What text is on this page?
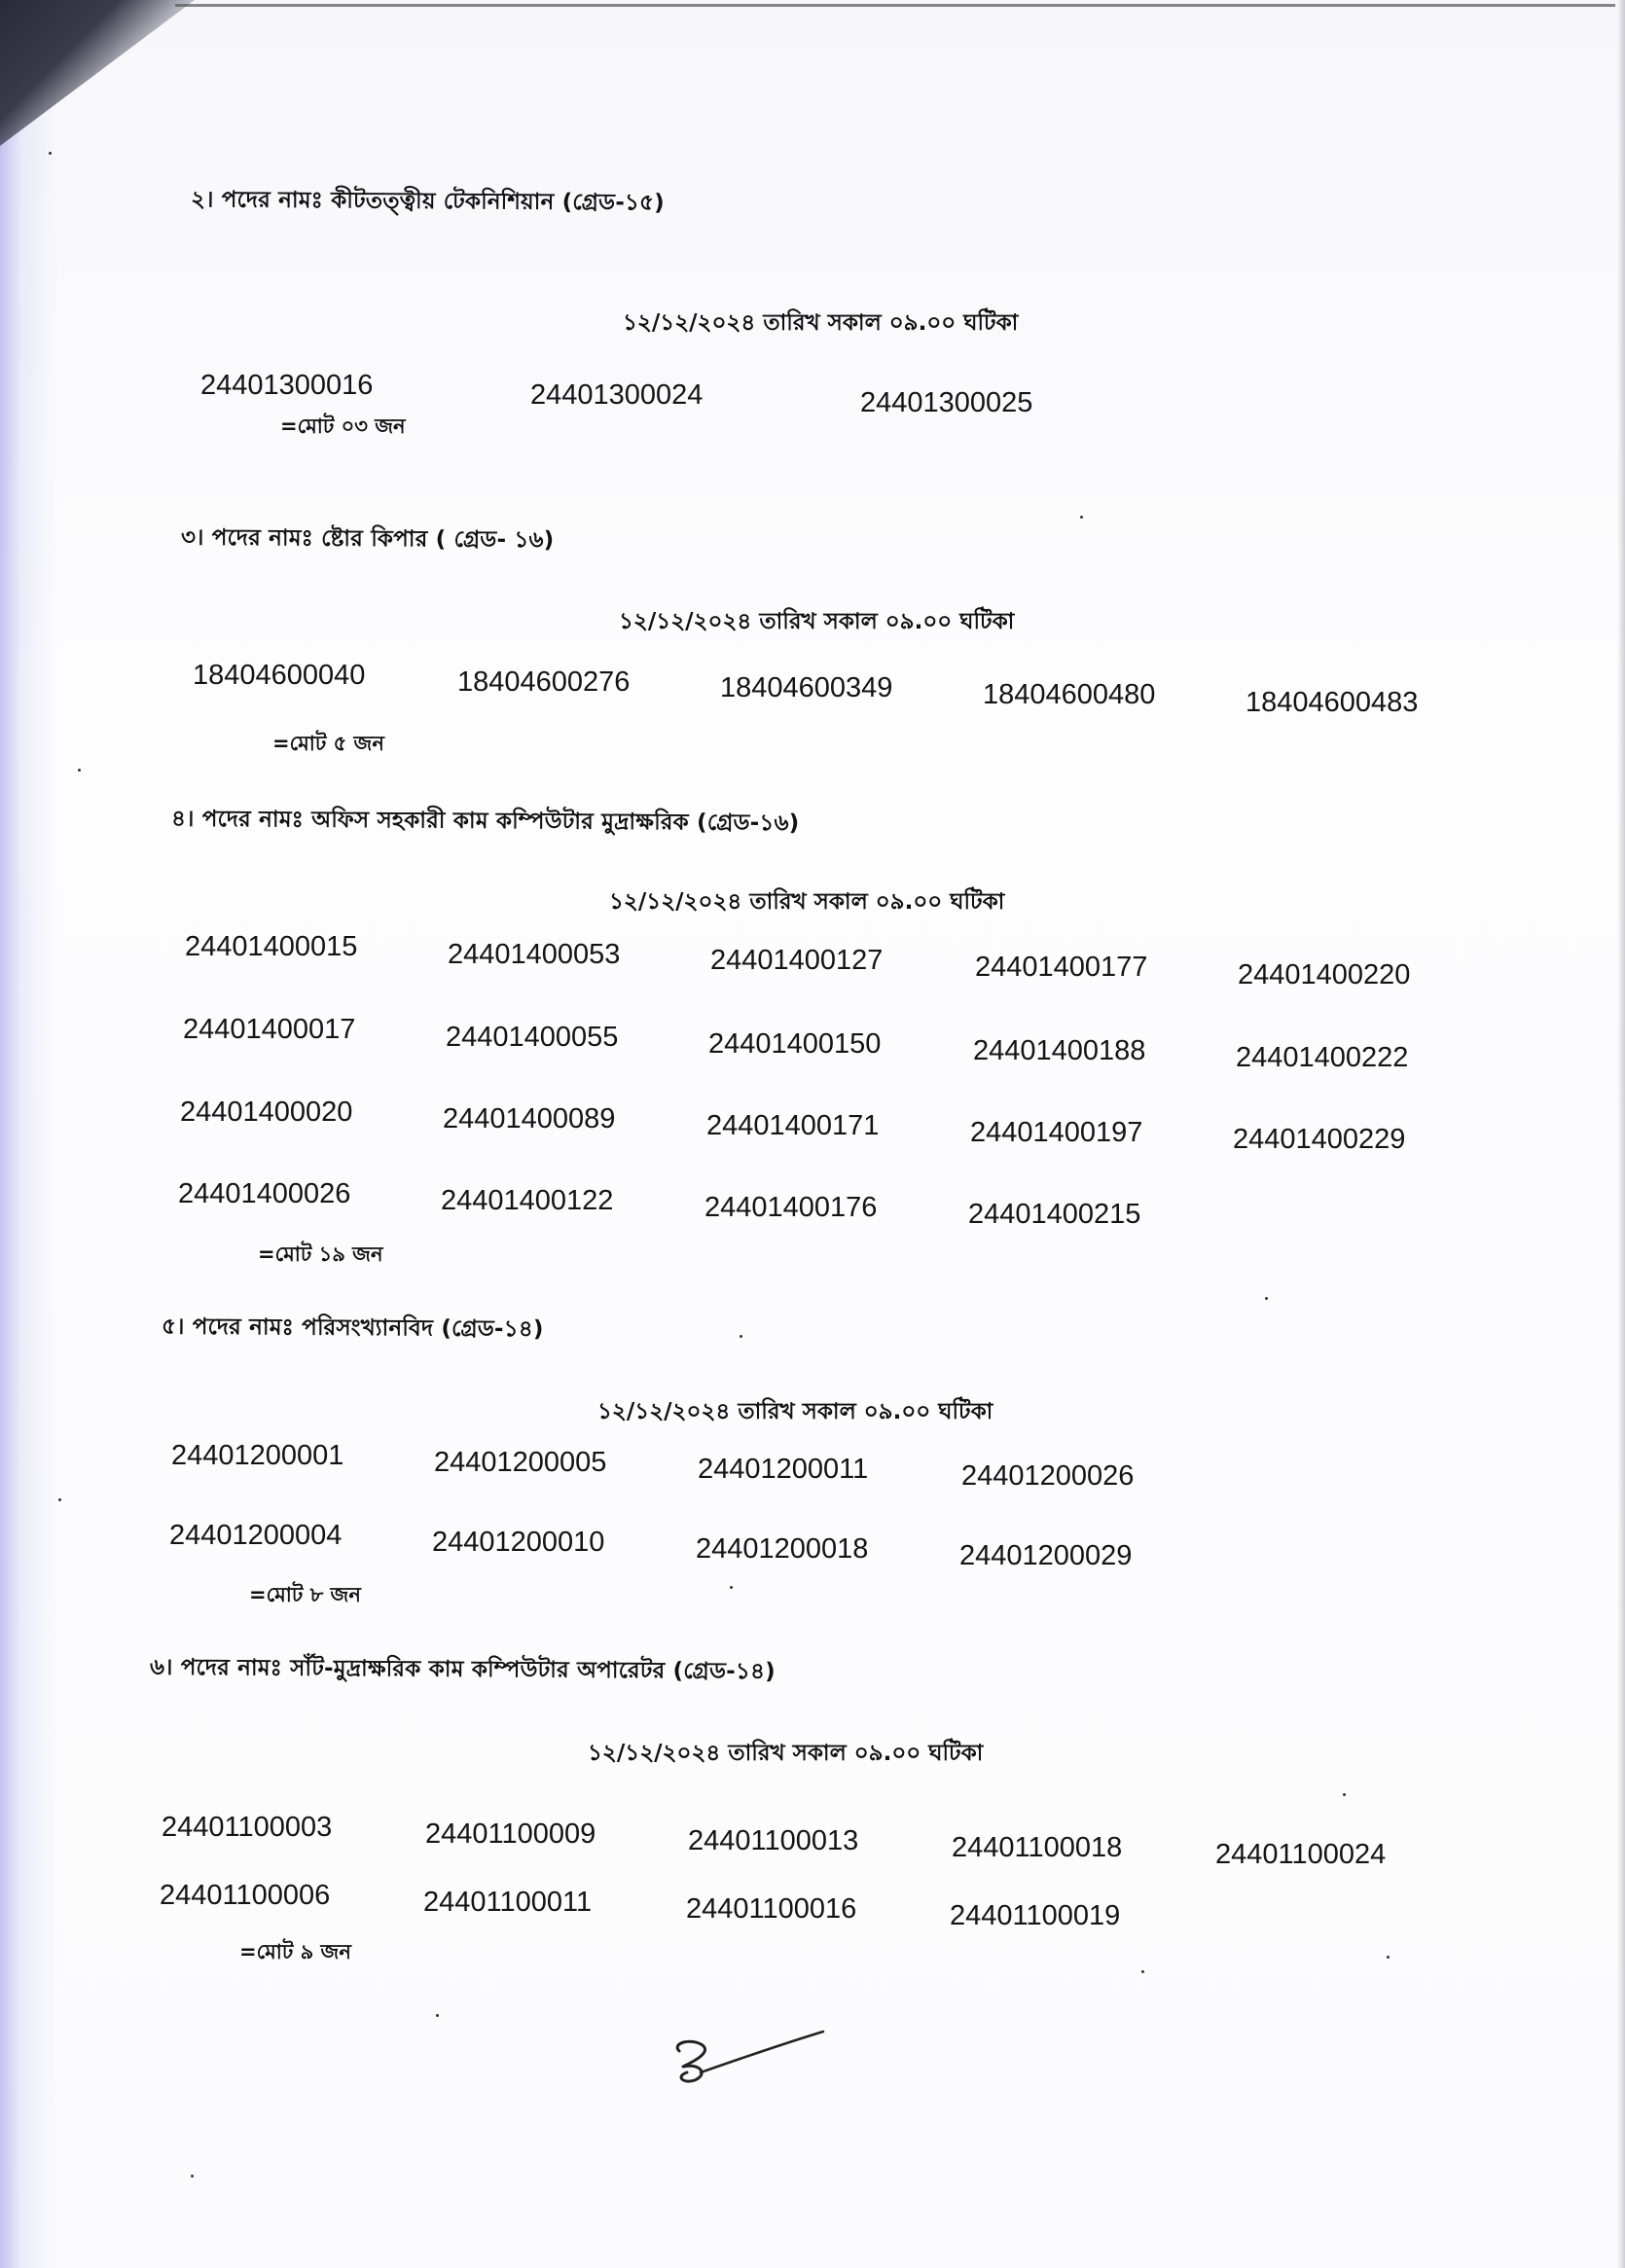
২। পদের নামঃ কীটতত্ত্বীয় টেকনিশিয়ান (গ্রেড-১৫)
১২/১২/২০২৪ তারিখ সকাল ০৯.০০ ঘটিকা
24401300016	24401300024	24401300025
=মোট ০৩ জন
৩। পদের নামঃ ষ্টোর কিপার ( গ্রেড- ১৬)
১২/১২/২০২৪ তারিখ সকাল ০৯.০০ ঘটিকা
18404600040	18404600276	18404600349	18404600480	18404600483
=মোট ৫ জন
৪। পদের নামঃ অফিস সহকারী কাম কম্পিউটার মুদ্রাক্ষরিক (গ্রেড-১৬)
১২/১২/২০২৪ তারিখ সকাল ০৯.০০ ঘটিকা
24401400015	24401400053	24401400127	24401400177	24401400220
24401400017	24401400055	24401400150	24401400188	24401400222
24401400020	24401400089	24401400171	24401400197	24401400229
24401400026	24401400122	24401400176	24401400215
=মোট ১৯ জন
৫। পদের নামঃ পরিসংখ্যানবিদ (গ্রেড-১৪)
১২/১২/২০২৪ তারিখ সকাল ০৯.০০ ঘটিকা
24401200001	24401200005	24401200011	24401200026
24401200004	24401200010	24401200018	24401200029
=মোট ৮ জন
৬। পদের নামঃ সাঁট-মুদ্রাক্ষরিক কাম কম্পিউটার অপারেটর (গ্রেড-১৪)
১২/১২/২০২৪ তারিখ সকাল ০৯.০০ ঘটিকা
24401100003	24401100009	24401100013	24401100018	24401100024
24401100006	24401100011	24401100016	24401100019
=মোট ৯ জন
